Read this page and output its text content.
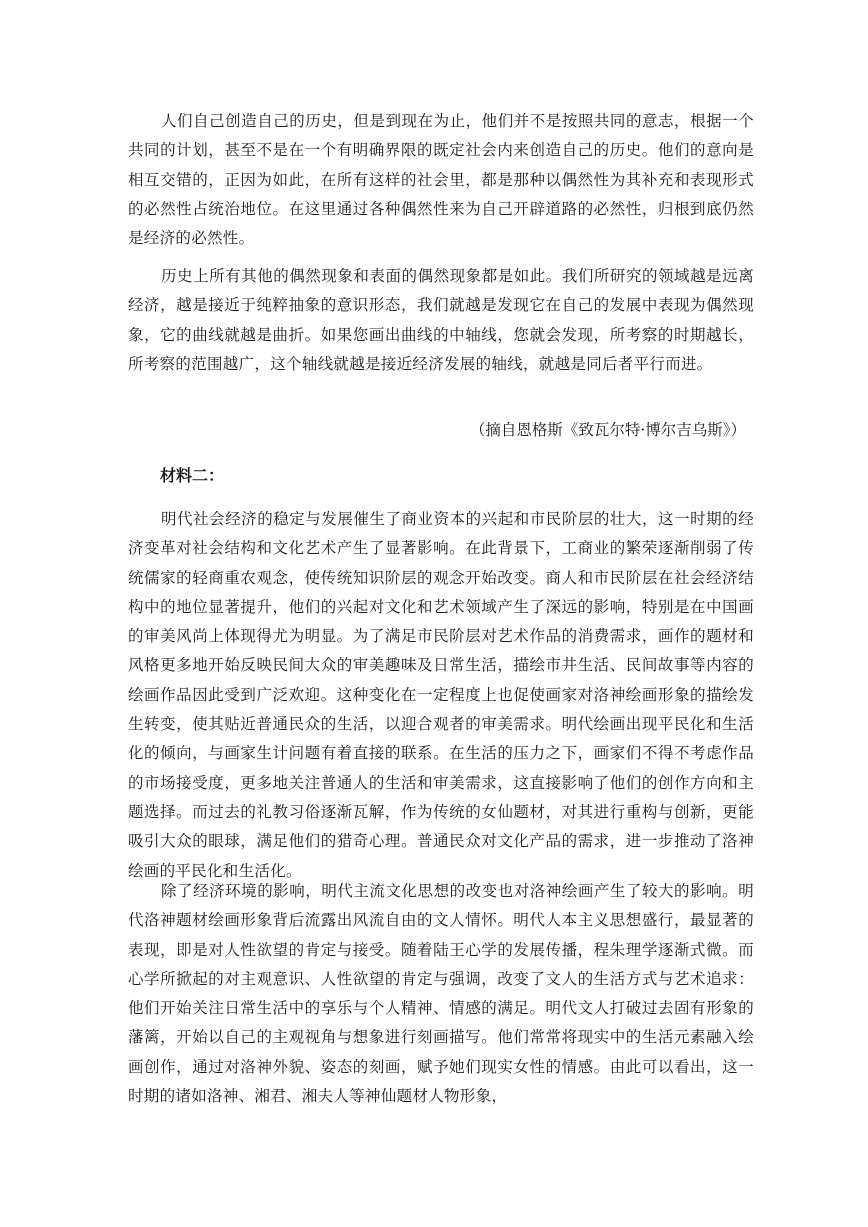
人们自己创造自己的历史，但是到现在为止，他们并不是按照共同的意志，根据一个共同的计划，甚至不是在一个有明确界限的既定社会内来创造自己的历史。他们的意向是相互交错的，正因为如此，在所有这样的社会里，都是那种以偶然性为其补充和表现形式的必然性占统治地位。在这里通过各种偶然性来为自己开辟道路的必然性，归根到底仍然是经济的必然性。

历史上所有其他的偶然现象和表面的偶然现象都是如此。我们所研究的领域越是远离经济，越是接近于纯粹抽象的意识形态，我们就越是发现它在自己的发展中表现为偶然现象，它的曲线就越是曲折。如果您画出曲线的中轴线，您就会发现，所考察的时期越长，所考察的范围越广，这个轴线就越是接近经济发展的轴线，就越是同后者平行而进。

（摘自恩格斯《致瓦尔特·博尔吉乌斯》）

材料二：

明代社会经济的稳定与发展催生了商业资本的兴起和市民阶层的壮大，这一时期的经济变革对社会结构和文化艺术产生了显著影响。在此背景下，工商业的繁荣逐渐削弱了传统儒家的轻商重农观念，使传统知识阶层的观念开始改变。商人和市民阶层在社会经济结构中的地位显著提升，他们的兴起对文化和艺术领域产生了深远的影响，特别是在中国画的审美风尚上体现得尤为明显。为了满足市民阶层对艺术作品的消费需求，画作的题材和风格更多地开始反映民间大众的审美趣味及日常生活，描绘市井生活、民间故事等内容的绘画作品因此受到广泛欢迎。这种变化在一定程度上也促使画家对洛神绘画形象的描绘发生转变，使其贴近普通民众的生活，以迎合观者的审美需求。明代绘画出现平民化和生活化的倾向，与画家生计问题有着直接的联系。在生活的压力之下，画家们不得不考虑作品的市场接受度，更多地关注普通人的生活和审美需求，这直接影响了他们的创作方向和主题选择。而过去的礼教习俗逐渐瓦解，作为传统的女仙题材，对其进行重构与创新，更能吸引大众的眼球，满足他们的猎奇心理。普通民众对文化产品的需求，进一步推动了洛神绘画的平民化和生活化。

除了经济环境的影响，明代主流文化思想的改变也对洛神绘画产生了较大的影响。明代洛神题材绘画形象背后流露出风流自由的文人情怀。明代人本主义思想盛行，最显著的表现，即是对人性欲望的肯定与接受。随着陆王心学的发展传播，程朱理学逐渐式微。而心学所掀起的对主观意识、人性欲望的肯定与强调，改变了文人的生活方式与艺术追求：他们开始关注日常生活中的享乐与个人精神、情感的满足。明代文人打破过去固有形象的藩篱，开始以自己的主观视角与想象进行刻画描写。他们常常将现实中的生活元素融入绘画创作，通过对洛神外貌、姿态的刻画，赋予她们现实女性的情感。由此可以看出，这一时期的诸如洛神、湘君、湘夫人等神仙题材人物形象，
